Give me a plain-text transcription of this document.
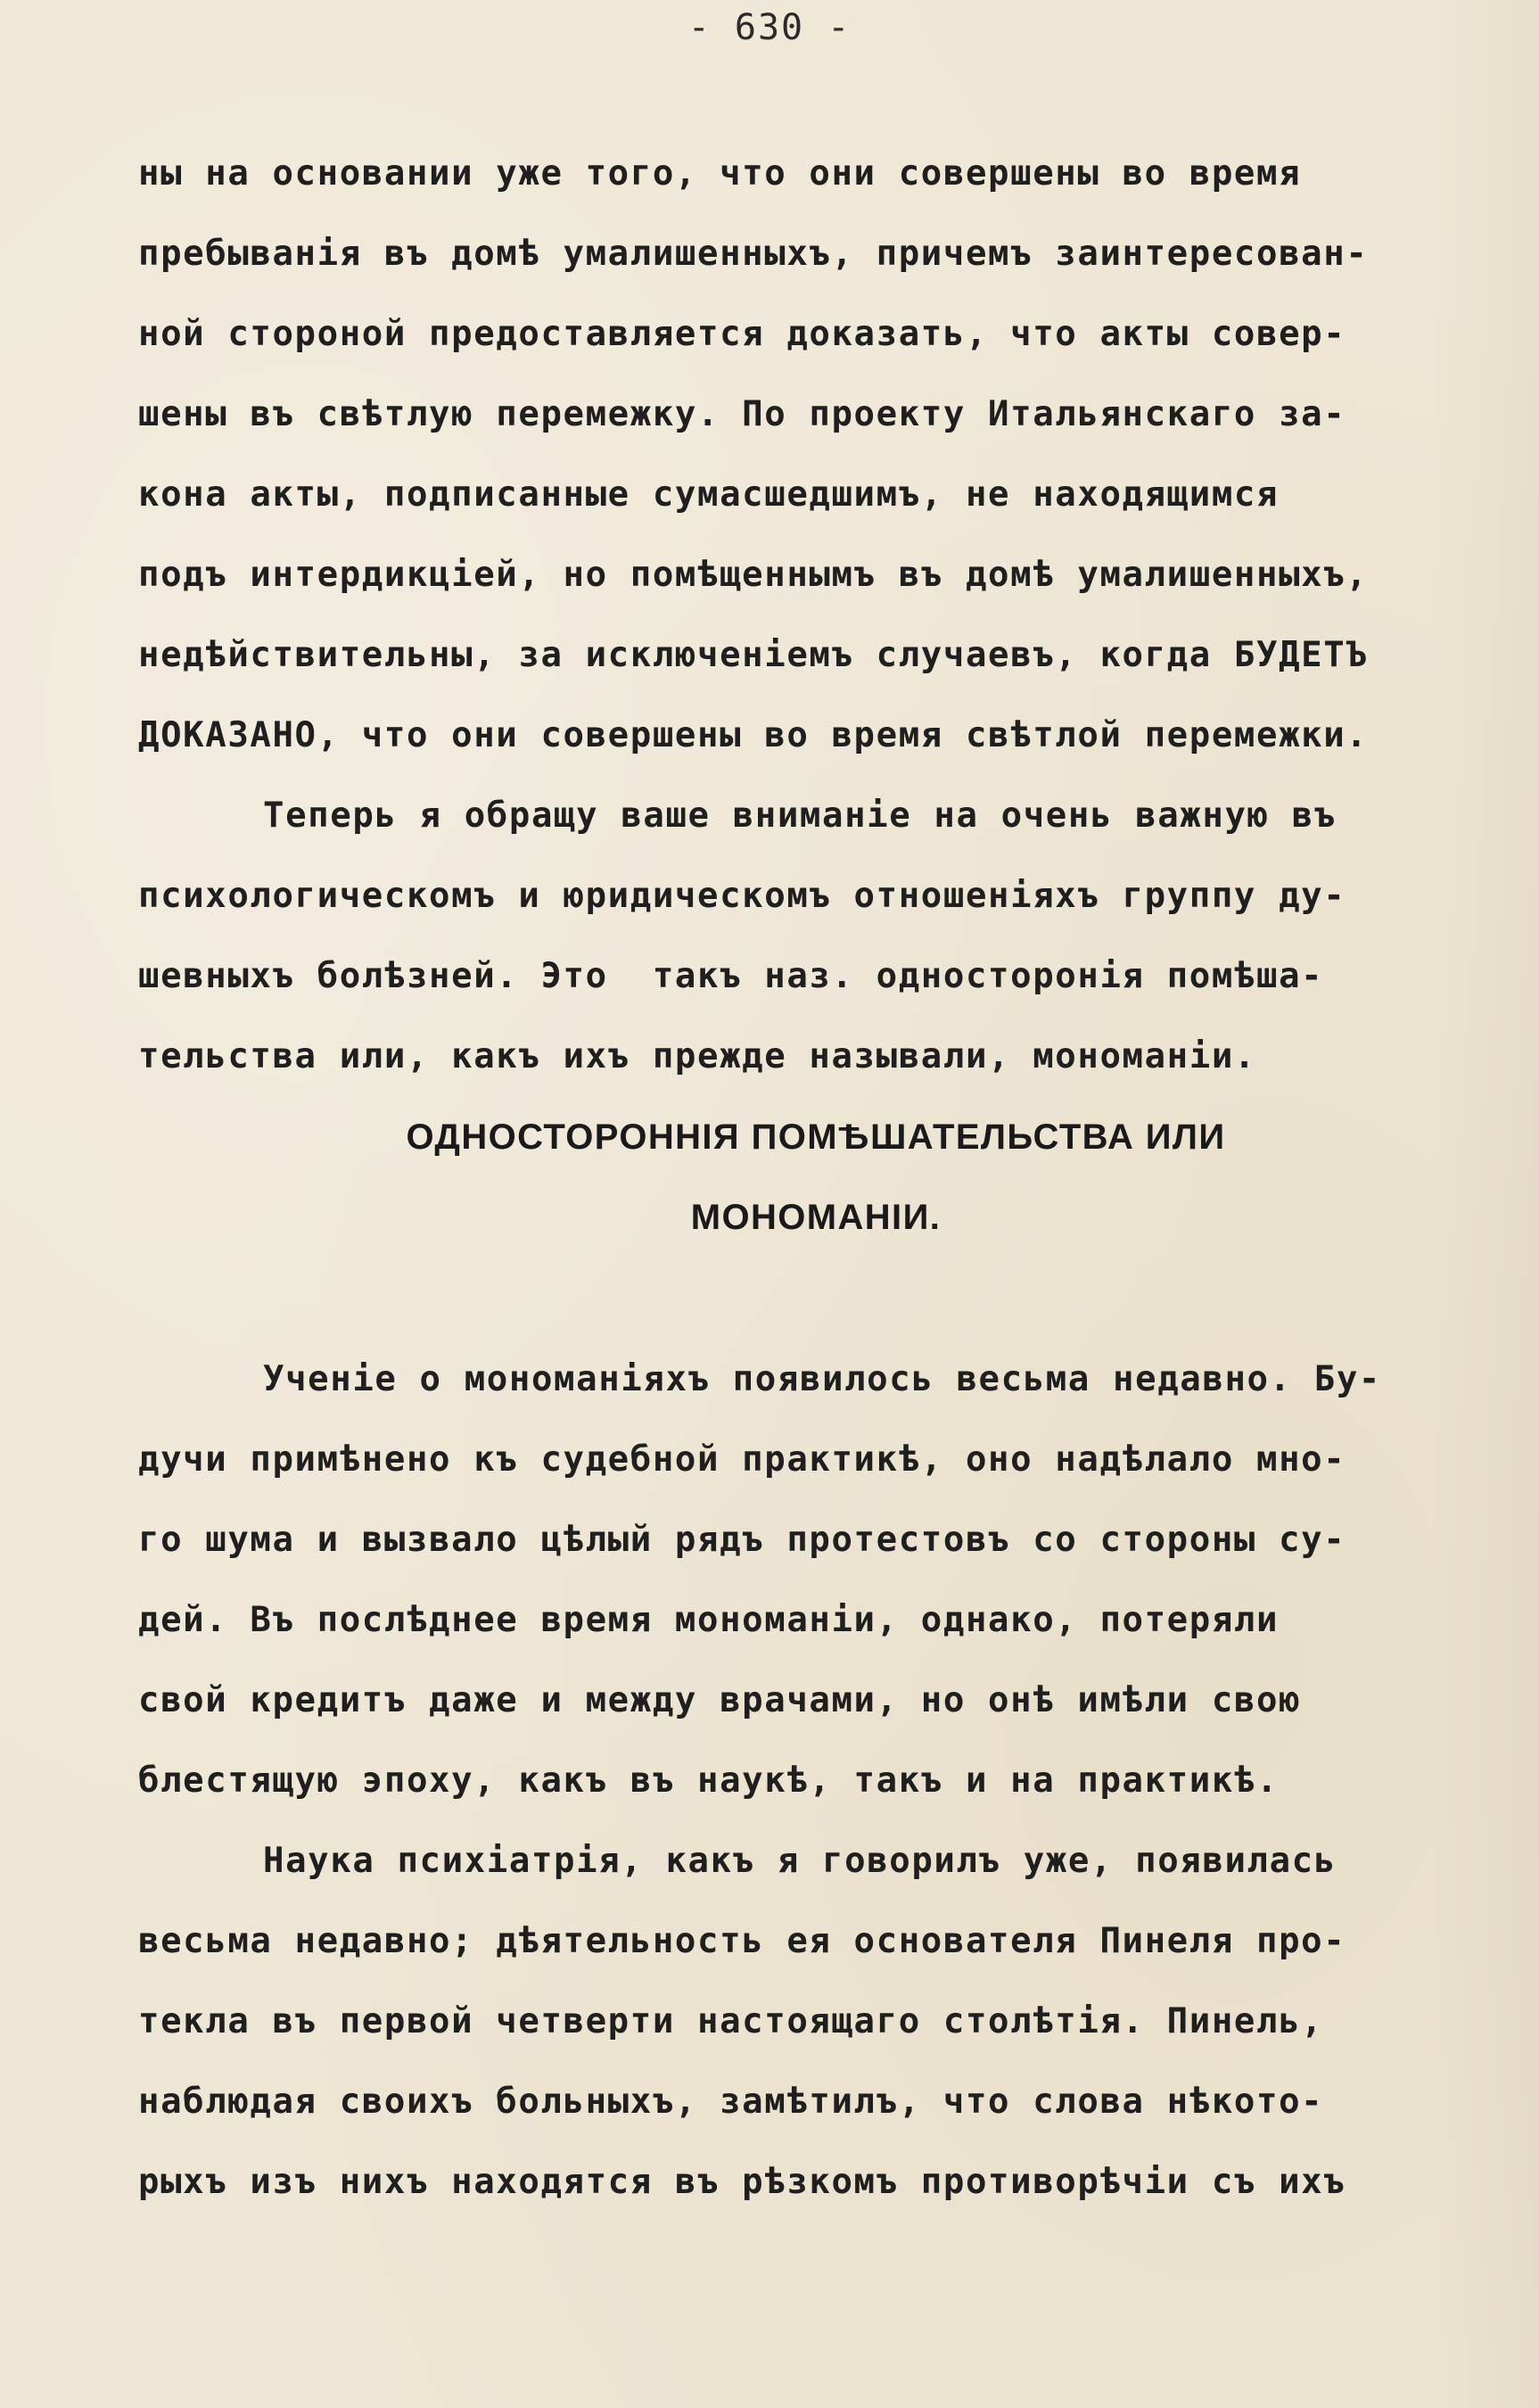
- 630 -
ны на основании уже того, что они совершены во время
пребыванія въ домѣ умалишенныхъ, причемъ заинтересован-
ной стороной предоставляется доказать, что акты совер-
шены въ свѣтлую перемежку. По проекту Итальянскаго за-
кона акты, подписанные сумасшедшимъ, не находящимся
подъ интердикціей, но помѣщеннымъ въ домѣ умалишенныхъ,
недѣйствительны, за исключеніемъ случаевъ, когда БУДЕТЪ
ДОКАЗАНО, что они совершены во время свѣтлой перемежки.
Теперь я обращу ваше вниманіе на очень важную въ
психологическомъ и юридическомъ отношеніяхъ группу ду-
шевныхъ болѣзней. Это  такъ наз. односторонія помѣша-
тельства или, какъ ихъ прежде называли, мономаніи.
ОДНОСТОРОННІЯ ПОМѢШАТЕЛЬСТВА ИЛИ
МОНОМАНІИ.
Ученіе о мономаніяхъ появилось весьма недавно. Бу-
дучи примѣнено къ судебной практикѣ, оно надѣлало мно-
го шума и вызвало цѣлый рядъ протестовъ со стороны су-
дей. Въ послѣднее время мономаніи, однако, потеряли
свой кредитъ даже и между врачами, но онѣ имѣли свою
блестящую эпоху, какъ въ наукѣ, такъ и на практикѣ.
Наука психіатрія, какъ я говорилъ уже, появилась
весьма недавно; дѣятельность ея основателя Пинеля про-
текла въ первой четверти настоящаго столѣтія. Пинель,
наблюдая своихъ больныхъ, замѣтилъ, что слова нѣкото-
рыхъ изъ нихъ находятся въ рѣзкомъ противорѣчіи съ ихъ
